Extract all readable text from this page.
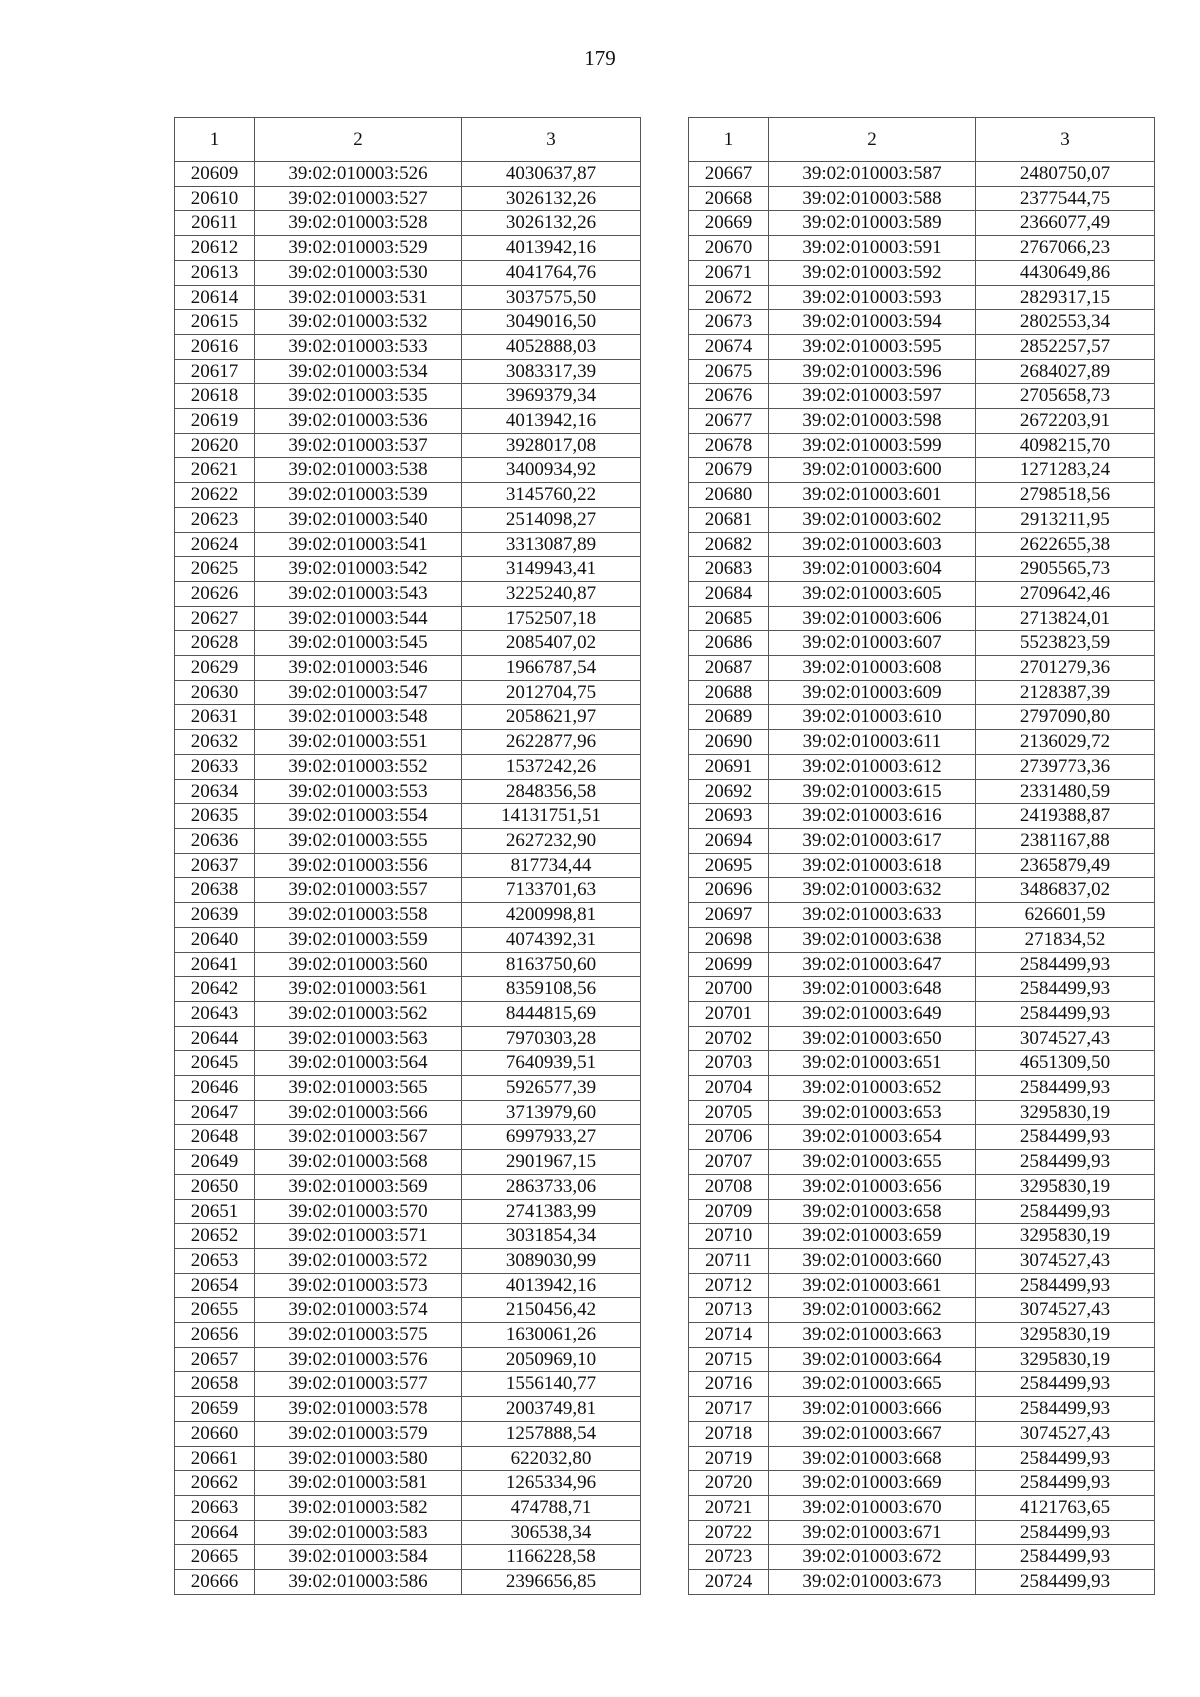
179
1	2	3
20609	39:02:010003:526	4030637,87
20610	39:02:010003:527	3026132,26
20611	39:02:010003:528	3026132,26
20612	39:02:010003:529	4013942,16
20613	39:02:010003:530	4041764,76
20614	39:02:010003:531	3037575,50
20615	39:02:010003:532	3049016,50
20616	39:02:010003:533	4052888,03
20617	39:02:010003:534	3083317,39
20618	39:02:010003:535	3969379,34
20619	39:02:010003:536	4013942,16
20620	39:02:010003:537	3928017,08
20621	39:02:010003:538	3400934,92
20622	39:02:010003:539	3145760,22
20623	39:02:010003:540	2514098,27
20624	39:02:010003:541	3313087,89
20625	39:02:010003:542	3149943,41
20626	39:02:010003:543	3225240,87
20627	39:02:010003:544	1752507,18
20628	39:02:010003:545	2085407,02
20629	39:02:010003:546	1966787,54
20630	39:02:010003:547	2012704,75
20631	39:02:010003:548	2058621,97
20632	39:02:010003:551	2622877,96
20633	39:02:010003:552	1537242,26
20634	39:02:010003:553	2848356,58
20635	39:02:010003:554	14131751,51
20636	39:02:010003:555	2627232,90
20637	39:02:010003:556	817734,44
20638	39:02:010003:557	7133701,63
20639	39:02:010003:558	4200998,81
20640	39:02:010003:559	4074392,31
20641	39:02:010003:560	8163750,60
20642	39:02:010003:561	8359108,56
20643	39:02:010003:562	8444815,69
20644	39:02:010003:563	7970303,28
20645	39:02:010003:564	7640939,51
20646	39:02:010003:565	5926577,39
20647	39:02:010003:566	3713979,60
20648	39:02:010003:567	6997933,27
20649	39:02:010003:568	2901967,15
20650	39:02:010003:569	2863733,06
20651	39:02:010003:570	2741383,99
20652	39:02:010003:571	3031854,34
20653	39:02:010003:572	3089030,99
20654	39:02:010003:573	4013942,16
20655	39:02:010003:574	2150456,42
20656	39:02:010003:575	1630061,26
20657	39:02:010003:576	2050969,10
20658	39:02:010003:577	1556140,77
20659	39:02:010003:578	2003749,81
20660	39:02:010003:579	1257888,54
20661	39:02:010003:580	622032,80
20662	39:02:010003:581	1265334,96
20663	39:02:010003:582	474788,71
20664	39:02:010003:583	306538,34
20665	39:02:010003:584	1166228,58
20666	39:02:010003:586	2396656,85
1	2	3
20667	39:02:010003:587	2480750,07
20668	39:02:010003:588	2377544,75
20669	39:02:010003:589	2366077,49
20670	39:02:010003:591	2767066,23
20671	39:02:010003:592	4430649,86
20672	39:02:010003:593	2829317,15
20673	39:02:010003:594	2802553,34
20674	39:02:010003:595	2852257,57
20675	39:02:010003:596	2684027,89
20676	39:02:010003:597	2705658,73
20677	39:02:010003:598	2672203,91
20678	39:02:010003:599	4098215,70
20679	39:02:010003:600	1271283,24
20680	39:02:010003:601	2798518,56
20681	39:02:010003:602	2913211,95
20682	39:02:010003:603	2622655,38
20683	39:02:010003:604	2905565,73
20684	39:02:010003:605	2709642,46
20685	39:02:010003:606	2713824,01
20686	39:02:010003:607	5523823,59
20687	39:02:010003:608	2701279,36
20688	39:02:010003:609	2128387,39
20689	39:02:010003:610	2797090,80
20690	39:02:010003:611	2136029,72
20691	39:02:010003:612	2739773,36
20692	39:02:010003:615	2331480,59
20693	39:02:010003:616	2419388,87
20694	39:02:010003:617	2381167,88
20695	39:02:010003:618	2365879,49
20696	39:02:010003:632	3486837,02
20697	39:02:010003:633	626601,59
20698	39:02:010003:638	271834,52
20699	39:02:010003:647	2584499,93
20700	39:02:010003:648	2584499,93
20701	39:02:010003:649	2584499,93
20702	39:02:010003:650	3074527,43
20703	39:02:010003:651	4651309,50
20704	39:02:010003:652	2584499,93
20705	39:02:010003:653	3295830,19
20706	39:02:010003:654	2584499,93
20707	39:02:010003:655	2584499,93
20708	39:02:010003:656	3295830,19
20709	39:02:010003:658	2584499,93
20710	39:02:010003:659	3295830,19
20711	39:02:010003:660	3074527,43
20712	39:02:010003:661	2584499,93
20713	39:02:010003:662	3074527,43
20714	39:02:010003:663	3295830,19
20715	39:02:010003:664	3295830,19
20716	39:02:010003:665	2584499,93
20717	39:02:010003:666	2584499,93
20718	39:02:010003:667	3074527,43
20719	39:02:010003:668	2584499,93
20720	39:02:010003:669	2584499,93
20721	39:02:010003:670	4121763,65
20722	39:02:010003:671	2584499,93
20723	39:02:010003:672	2584499,93
20724	39:02:010003:673	2584499,93
